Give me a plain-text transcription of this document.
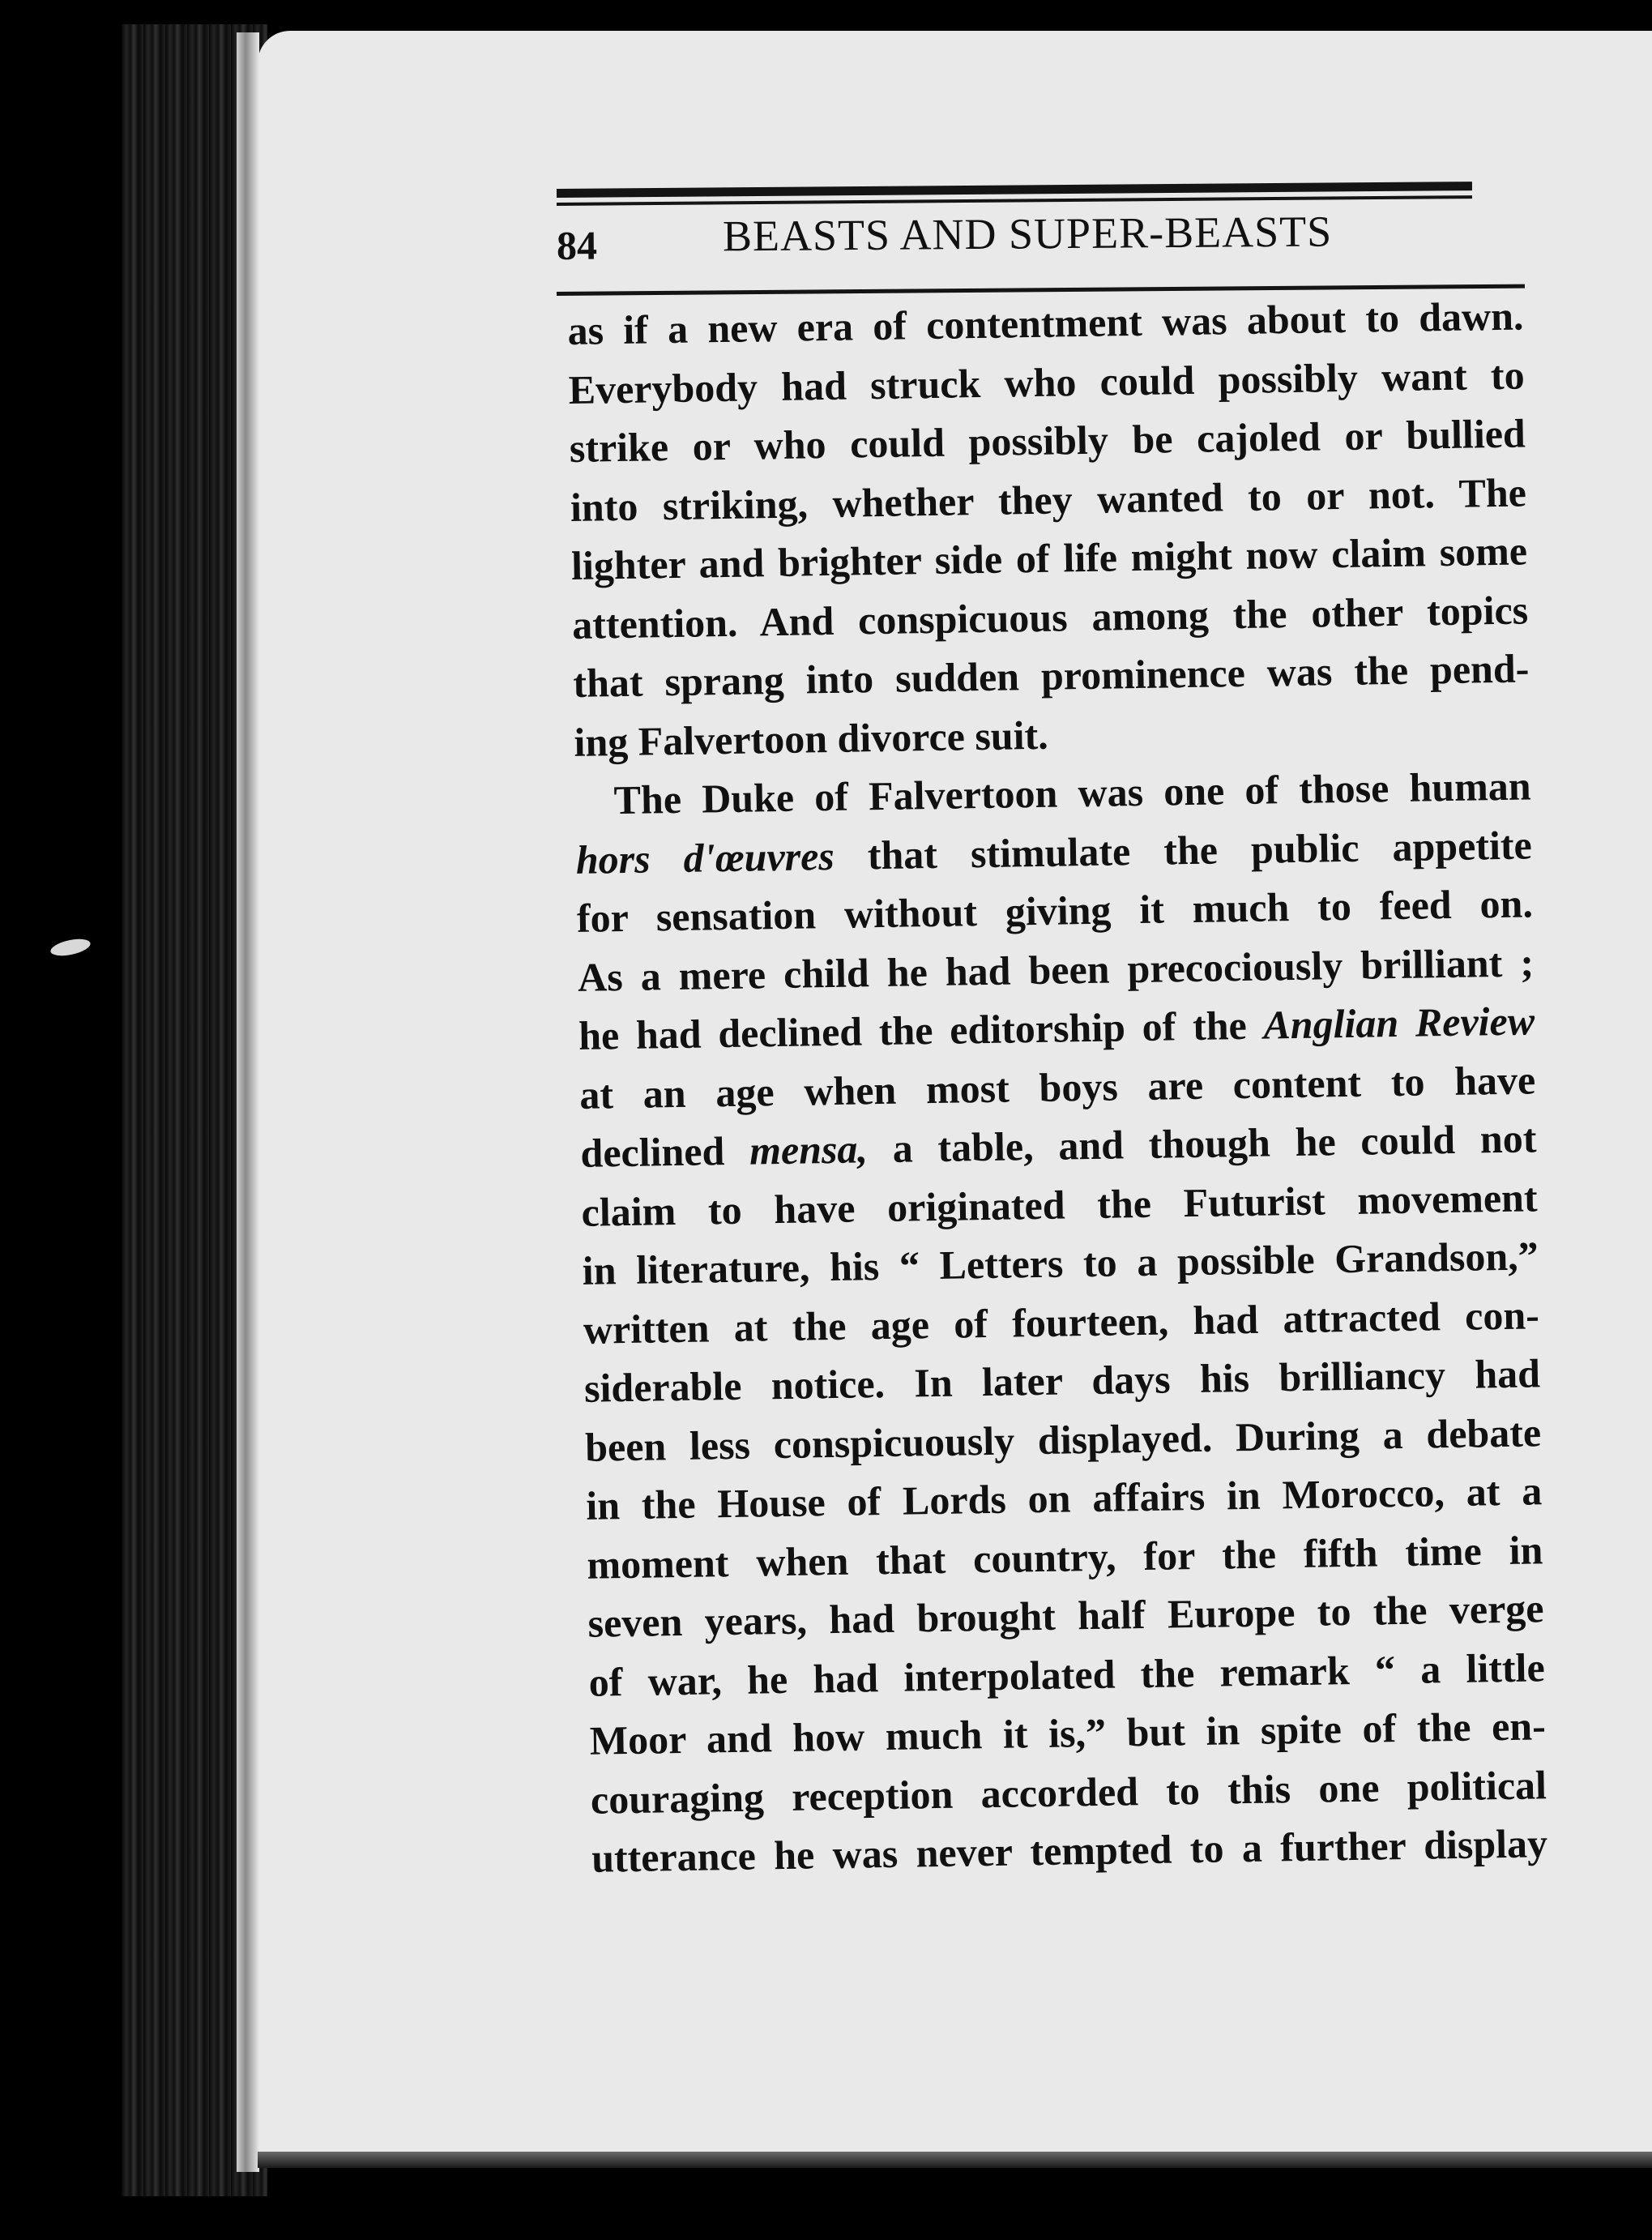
84	BEASTS AND SUPER-BEASTS
as if a new era of contentment was about to dawn.
Everybody had struck who could possibly want to
strike or who could possibly be cajoled or bullied
into striking, whether they wanted to or not. The
lighter and brighter side of life might now claim some
attention. And conspicuous among the other topics
that sprang into sudden prominence was the pend-
ing Falvertoon divorce suit.
The Duke of Falvertoon was one of those human
hors d'œuvres that stimulate the public appetite
for sensation without giving it much to feed on.
As a mere child he had been precociously brilliant ;
he had declined the editorship of the Anglian Review
at an age when most boys are content to have
declined mensa, a table, and though he could not
claim to have originated the Futurist movement
in literature, his “ Letters to a possible Grandson,”
written at the age of fourteen, had attracted con-
siderable notice. In later days his brilliancy had
been less conspicuously displayed. During a debate
in the House of Lords on affairs in Morocco, at a
moment when that country, for the fifth time in
seven years, had brought half Europe to the verge
of war, he had interpolated the remark “ a little
Moor and how much it is,” but in spite of the en-
couraging reception accorded to this one political
utterance he was never tempted to a further display
